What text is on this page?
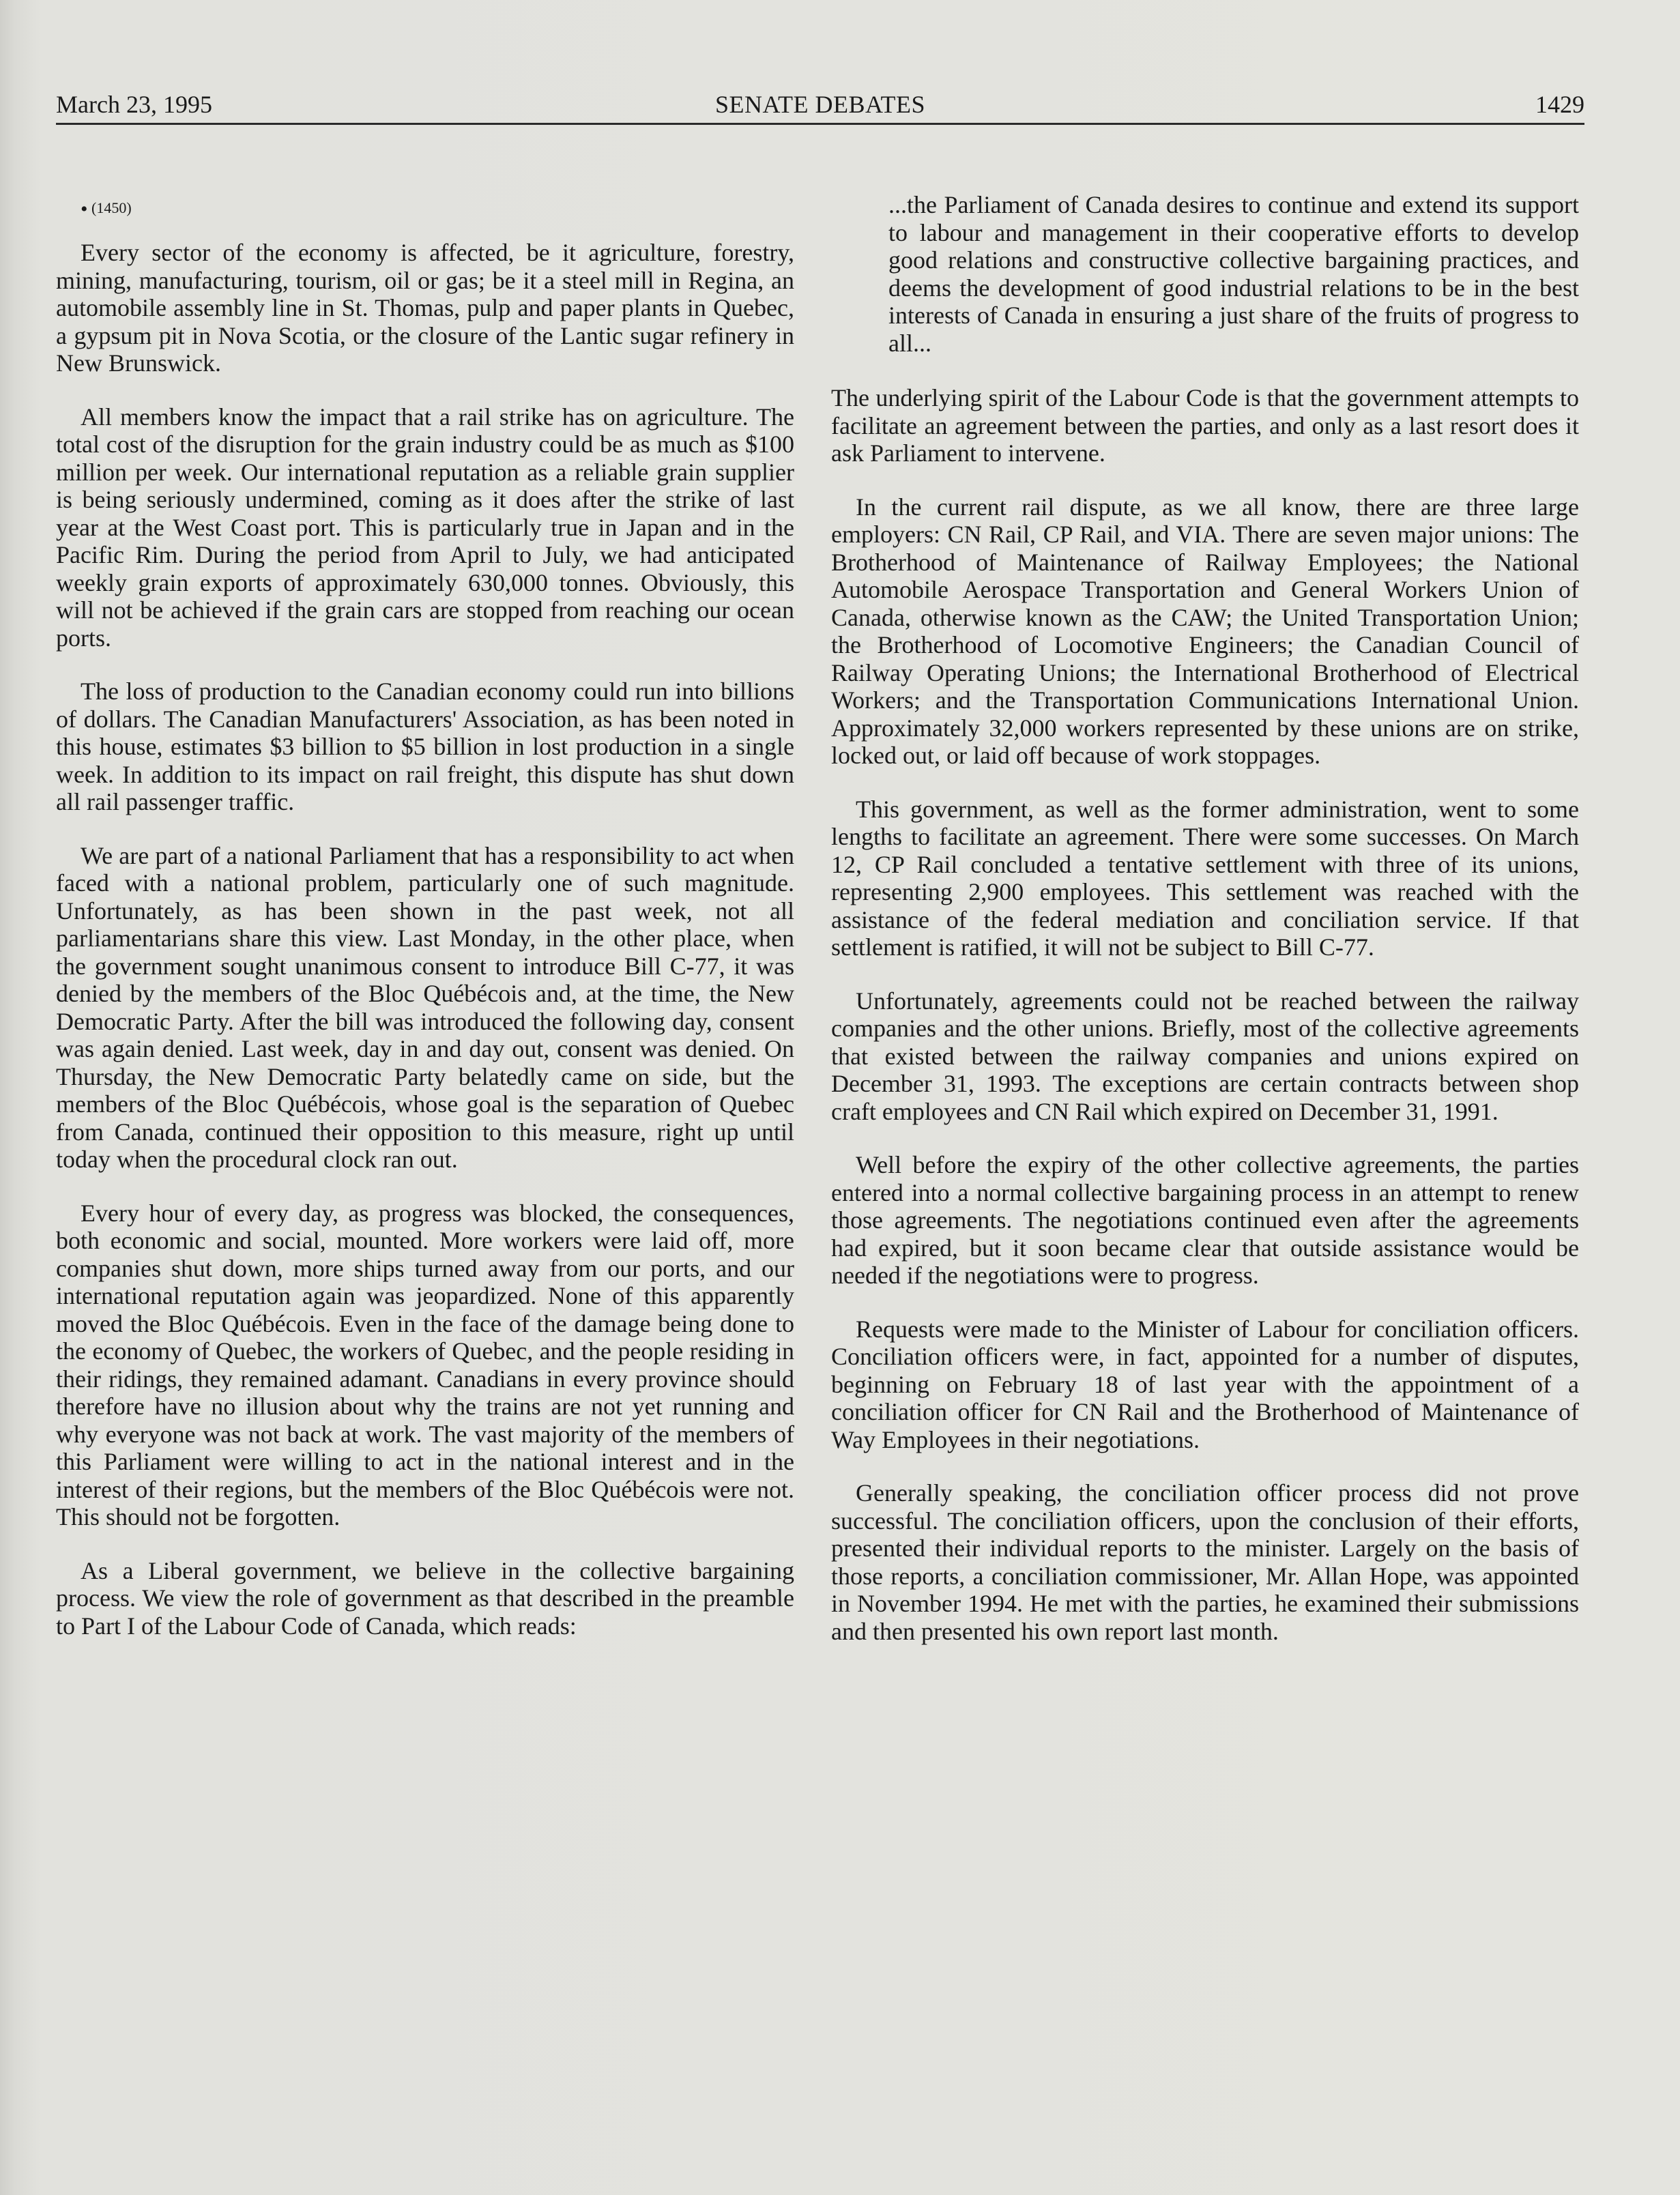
March 23, 1995	SENATE DEBATES	1429
• (1450)

Every sector of the economy is affected, be it agriculture, forestry, mining, manufacturing, tourism, oil or gas; be it a steel mill in Regina, an automobile assembly line in St. Thomas, pulp and paper plants in Quebec, a gypsum pit in Nova Scotia, or the closure of the Lantic sugar refinery in New Brunswick.

All members know the impact that a rail strike has on agriculture. The total cost of the disruption for the grain industry could be as much as $100 million per week. Our international reputation as a reliable grain supplier is being seriously undermined, coming as it does after the strike of last year at the West Coast port. This is particularly true in Japan and in the Pacific Rim. During the period from April to July, we had anticipated weekly grain exports of approximately 630,000 tonnes. Obviously, this will not be achieved if the grain cars are stopped from reaching our ocean ports.

The loss of production to the Canadian economy could run into billions of dollars. The Canadian Manufacturers' Association, as has been noted in this house, estimates $3 billion to $5 billion in lost production in a single week. In addition to its impact on rail freight, this dispute has shut down all rail passenger traffic.

We are part of a national Parliament that has a responsibility to act when faced with a national problem, particularly one of such magnitude. Unfortunately, as has been shown in the past week, not all parliamentarians share this view. Last Monday, in the other place, when the government sought unanimous consent to introduce Bill C-77, it was denied by the members of the Bloc Québécois and, at the time, the New Democratic Party. After the bill was introduced the following day, consent was again denied. Last week, day in and day out, consent was denied. On Thursday, the New Democratic Party belatedly came on side, but the members of the Bloc Québécois, whose goal is the separation of Quebec from Canada, continued their opposition to this measure, right up until today when the procedural clock ran out.

Every hour of every day, as progress was blocked, the consequences, both economic and social, mounted. More workers were laid off, more companies shut down, more ships turned away from our ports, and our international reputation again was jeopardized. None of this apparently moved the Bloc Québécois. Even in the face of the damage being done to the economy of Quebec, the workers of Quebec, and the people residing in their ridings, they remained adamant. Canadians in every province should therefore have no illusion about why the trains are not yet running and why everyone was not back at work. The vast majority of the members of this Parliament were willing to act in the national interest and in the interest of their regions, but the members of the Bloc Québécois were not. This should not be forgotten.

As a Liberal government, we believe in the collective bargaining process. We view the role of government as that described in the preamble to Part I of the Labour Code of Canada, which reads:

...the Parliament of Canada desires to continue and extend its support to labour and management in their cooperative efforts to develop good relations and constructive collective bargaining practices, and deems the development of good industrial relations to be in the best interests of Canada in ensuring a just share of the fruits of progress to all...

The underlying spirit of the Labour Code is that the government attempts to facilitate an agreement between the parties, and only as a last resort does it ask Parliament to intervene.

In the current rail dispute, as we all know, there are three large employers: CN Rail, CP Rail, and VIA. There are seven major unions: The Brotherhood of Maintenance of Railway Employees; the National Automobile Aerospace Transportation and General Workers Union of Canada, otherwise known as the CAW; the United Transportation Union; the Brotherhood of Locomotive Engineers; the Canadian Council of Railway Operating Unions; the International Brotherhood of Electrical Workers; and the Transportation Communications International Union. Approximately 32,000 workers represented by these unions are on strike, locked out, or laid off because of work stoppages.

This government, as well as the former administration, went to some lengths to facilitate an agreement. There were some successes. On March 12, CP Rail concluded a tentative settlement with three of its unions, representing 2,900 employees. This settlement was reached with the assistance of the federal mediation and conciliation service. If that settlement is ratified, it will not be subject to Bill C-77.

Unfortunately, agreements could not be reached between the railway companies and the other unions. Briefly, most of the collective agreements that existed between the railway companies and unions expired on December 31, 1993. The exceptions are certain contracts between shop craft employees and CN Rail which expired on December 31, 1991.

Well before the expiry of the other collective agreements, the parties entered into a normal collective bargaining process in an attempt to renew those agreements. The negotiations continued even after the agreements had expired, but it soon became clear that outside assistance would be needed if the negotiations were to progress.

Requests were made to the Minister of Labour for conciliation officers. Conciliation officers were, in fact, appointed for a number of disputes, beginning on February 18 of last year with the appointment of a conciliation officer for CN Rail and the Brotherhood of Maintenance of Way Employees in their negotiations.

Generally speaking, the conciliation officer process did not prove successful. The conciliation officers, upon the conclusion of their efforts, presented their individual reports to the minister. Largely on the basis of those reports, a conciliation commissioner, Mr. Allan Hope, was appointed in November 1994. He met with the parties, he examined their submissions and then presented his own report last month.
